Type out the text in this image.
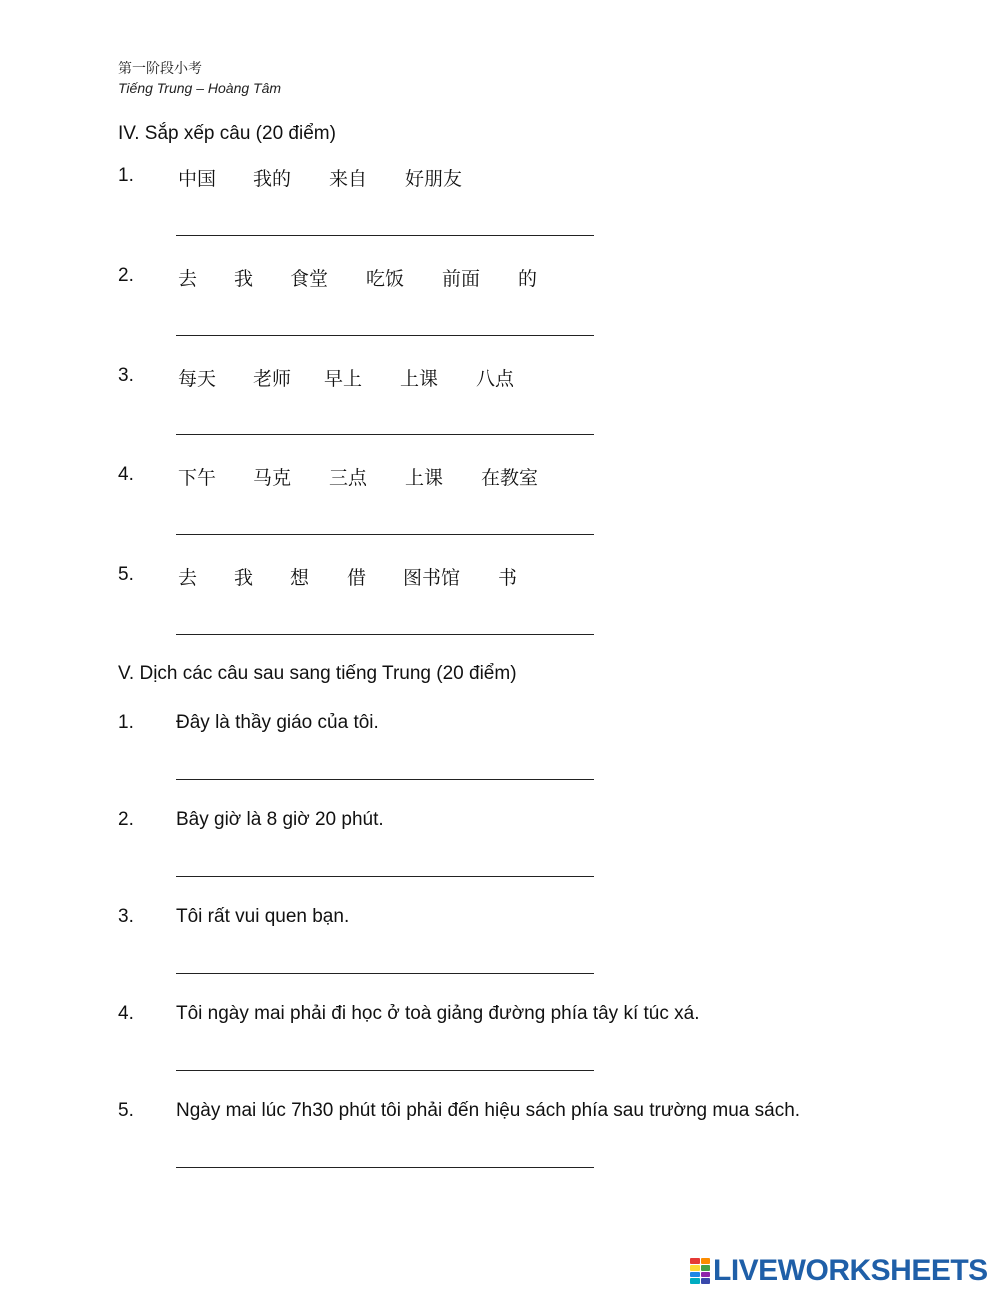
第一阶段小考
Tiếng Trung – Hoàng Tâm
IV. Sắp xếp câu (20 điểm)
1. 中国 我的 来自 好朋友
2. 去 我 食堂 吃饭 前面 的
3. 每天 老师 早上 上课 八点
4. 下午 马克 三点 上课 在教室
5. 去 我 想 借 图书馆 书
V. Dịch các câu sau sang tiếng Trung (20 điểm)
1. Đây là thầy giáo của tôi.
2. Bây giờ là 8 giờ 20 phút.
3. Tôi rất vui quen bạn.
4. Tôi ngày mai phải đi học ở toà giảng đường phía tây kí túc xá.
5. Ngày mai lúc 7h30 phút tôi phải đến hiệu sách phía sau trường mua sách.
LIVEWORKSHEETS
